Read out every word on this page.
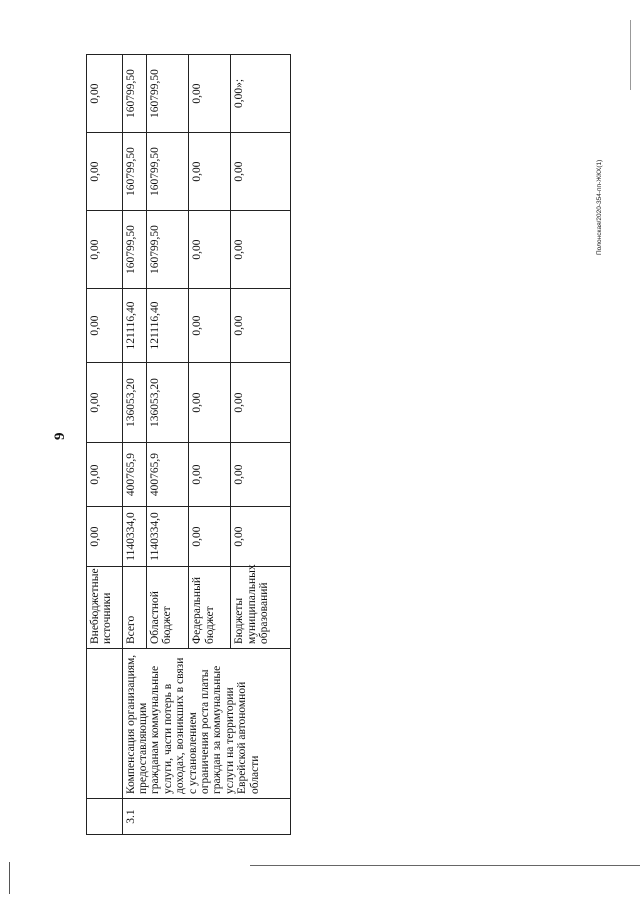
9
Полонская/2020-354-пп-ЖКХ(1)
		Внебюджетные источники	0,00	0,00	0,00	0,00	0,00	0,00	0,00
3.1	Компенсация организациям, предоставляющим гражданам коммунальные услуги, части потерь в доходах, возникших в связи с установлением ограничения роста платы граждан за коммунальные услуги на территории Еврейской автономной области	Всего	1140334,0	400765,9	136053,20	121116,40	160799,50	160799,50	160799,50
		Областной бюджет	1140334,0	400765,9	136053,20	121116,40	160799,50	160799,50	160799,50
		Федеральный бюджет	0,00	0,00	0,00	0,00	0,00	0,00	0,00
		Бюджеты муниципальных образований	0,00	0,00	0,00	0,00	0,00	0,00	0,00»;
